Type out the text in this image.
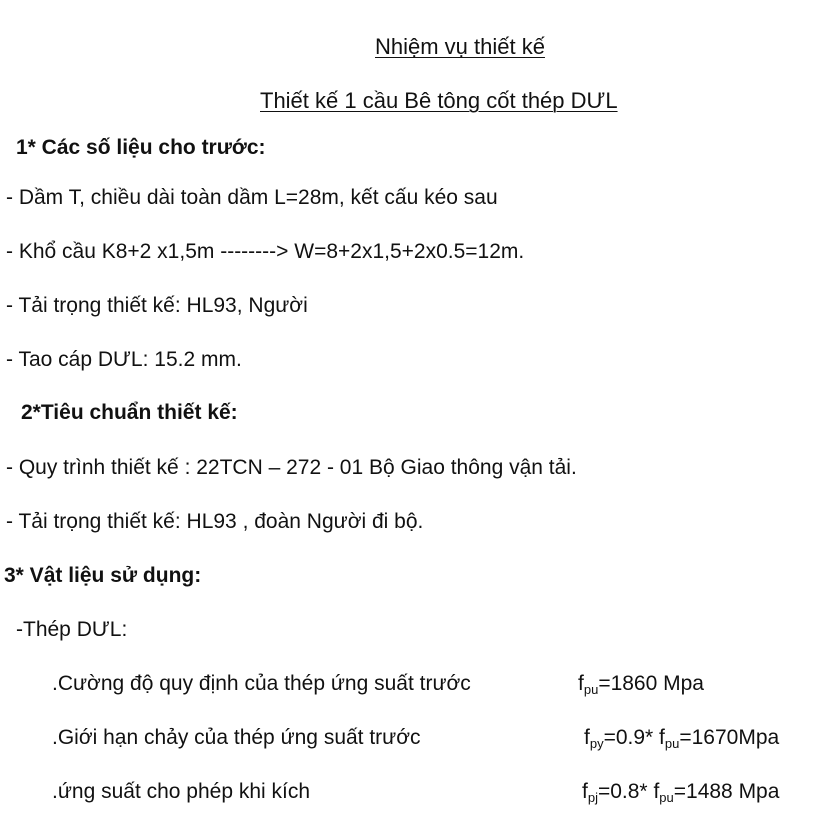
Nhiệm vụ thiết kế
Thiết kế 1 cầu Bê tông cốt thép DƯL
1* Các số liệu cho trước:
- Dầm T, chiều dài toàn dầm L=28m, kết cấu kéo sau
- Khổ cầu K8+2 x1,5m --------> W=8+2x1,5+2x0.5=12m.
- Tải trọng thiết kế: HL93, Người
- Tao cáp DƯL: 15.2 mm.
2*Tiêu chuẩn thiết kế:
- Quy trình thiết kế : 22TCN – 272 - 01 Bộ Giao thông vận tải.
- Tải trọng thiết kế: HL93 , đoàn Người đi bộ.
3* Vật liệu sử dụng:
-Thép DƯL:
.Cường độ quy định của thép ứng suất trước	$f_{pu}=1860$ Mpa
.Giới hạn chảy của thép ứng suất trước	$f_{py}=0.9*$ $f_{pu}=1670Mpa$
.ứng suất cho phép khi kích	$f_{pj}=0.8*$ $f_{pu}=1488$ Mpa
